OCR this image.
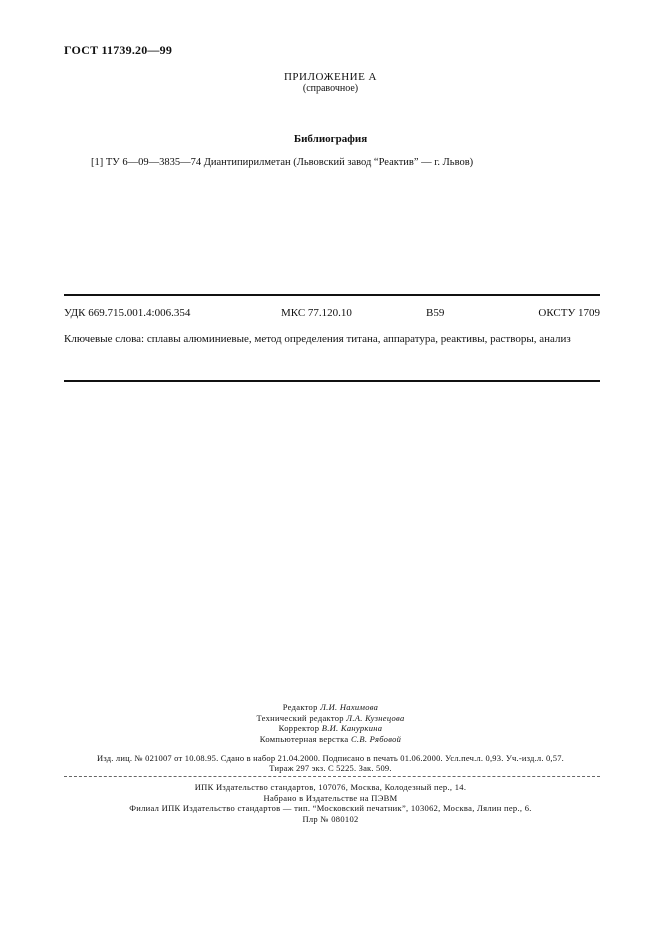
ГОСТ 11739.20—99
ПРИЛОЖЕНИЕ А
(справочное)
Библиография
[1] ТУ 6—09—3835—74 Диантипирилметан (Львовский завод “Реактив” — г. Львов)
УДК 669.715.001.4:006.354	МКС 77.120.10	В59	ОКСТУ 1709
Ключевые слова: сплавы алюминиевые, метод определения титана, аппаратура, реактивы, растворы, анализ
Редактор Л.И. Нахимова
Технический редактор Л.А. Кузнецова
Корректор В.И. Кануркина
Компьютерная верстка С.В. Рябовой
Изд. лиц. № 021007 от 10.08.95. Сдано в набор 21.04.2000. Подписано в печать 01.06.2000. Усл.печ.л. 0,93. Уч.-изд.л. 0,57.
Тираж 297 экз. С 5225. Зак. 509.
ИПК Издательство стандартов, 107076, Москва, Колодезный пер., 14.
Набрано в Издательстве на ПЭВМ
Филиал ИПК Издательство стандартов — тип. “Московский печатник”, 103062, Москва, Лялин пер., 6.
Плр № 080102
